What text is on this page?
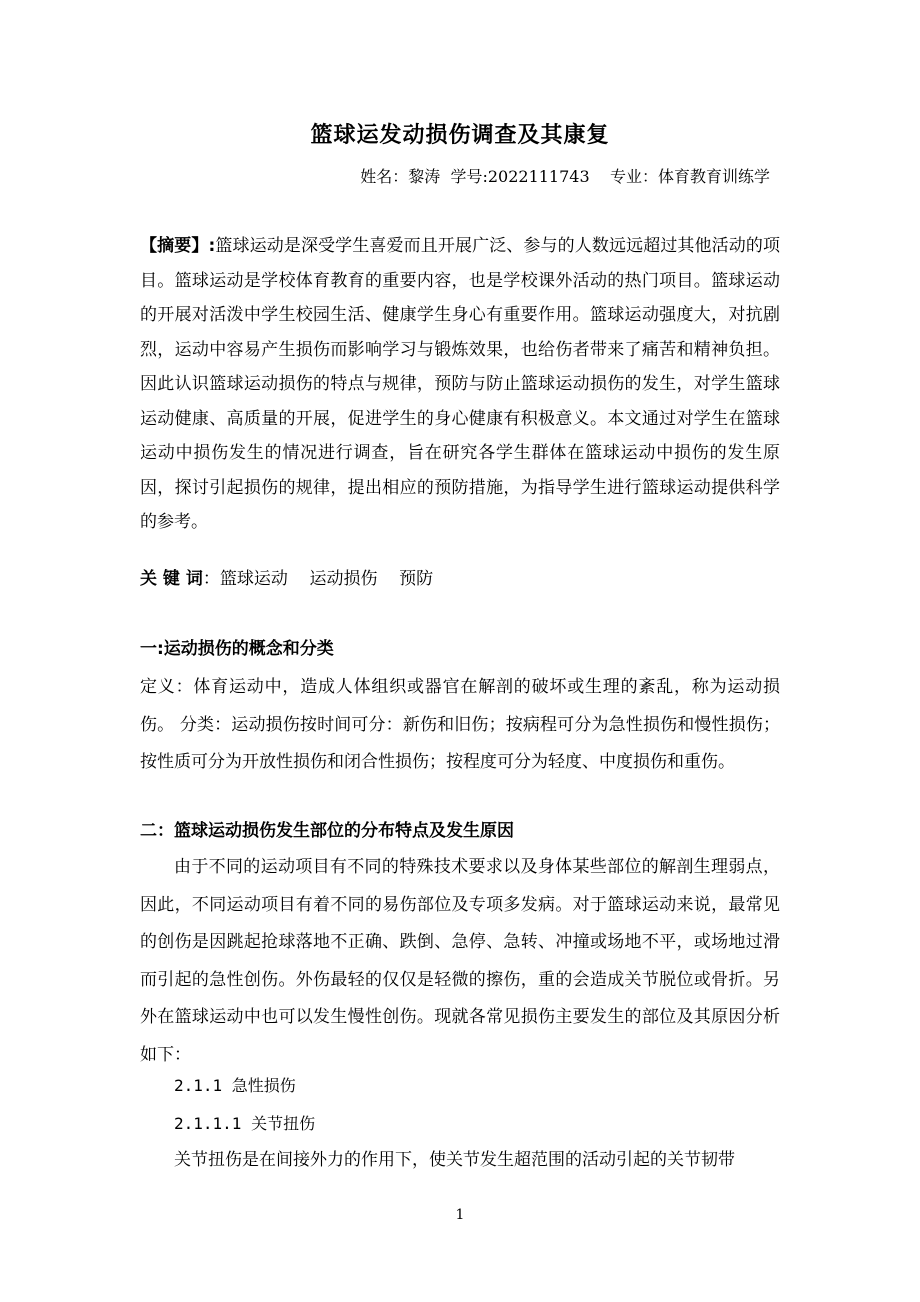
篮球运发动损伤调查及其康复
姓名：黎涛  学号:2022111743    专业：体育教育训练学

【摘要】:篮球运动是深受学生喜爱而且开展广泛、参与的人数远远超过其他活动的项目。篮球运动是学校体育教育的重要内容，也是学校课外活动的热门项目。篮球运动的开展对活泼中学生校园生活、健康学生身心有重要作用。篮球运动强度大，对抗剧烈，运动中容易产生损伤而影响学习与锻炼效果，也给伤者带来了痛苦和精神负担。因此认识篮球运动损伤的特点与规律，预防与防止篮球运动损伤的发生，对学生篮球运动健康、高质量的开展，促进学生的身心健康有积极意义。本文通过对学生在篮球运动中损伤发生的情况进行调查，旨在研究各学生群体在篮球运动中损伤的发生原因，探讨引起损伤的规律，提出相应的预防措施，为指导学生进行篮球运动提供科学的参考。

关 键 词：篮球运动    运动损伤    预防
一:运动损伤的概念和分类

定义：体育运动中，造成人体组织或器官在解剖的破坏或生理的紊乱，称为运动损伤。 分类：运动损伤按时间可分：新伤和旧伤；按病程可分为急性损伤和慢性损伤；按性质可分为开放性损伤和闭合性损伤；按程度可分为轻度、中度损伤和重伤。

二：篮球运动损伤发生部位的分布特点及发生原因

由于不同的运动项目有不同的特殊技术要求以及身体某些部位的解剖生理弱点，因此，不同运动项目有着不同的易伤部位及专项多发病。对于篮球运动来说，最常见的创伤是因跳起抢球落地不正确、跌倒、急停、急转、冲撞或场地不平，或场地过滑而引起的急性创伤。外伤最轻的仅仅是轻微的擦伤，重的会造成关节脱位或骨折。另外在篮球运动中也可以发生慢性创伤。现就各常见损伤主要发生的部位及其原因分析如下：

2.1.1 急性损伤
2.1.1.1 关节扭伤
关节扭伤是在间接外力的作用下，使关节发生超范围的活动引起的关节韧带
1
